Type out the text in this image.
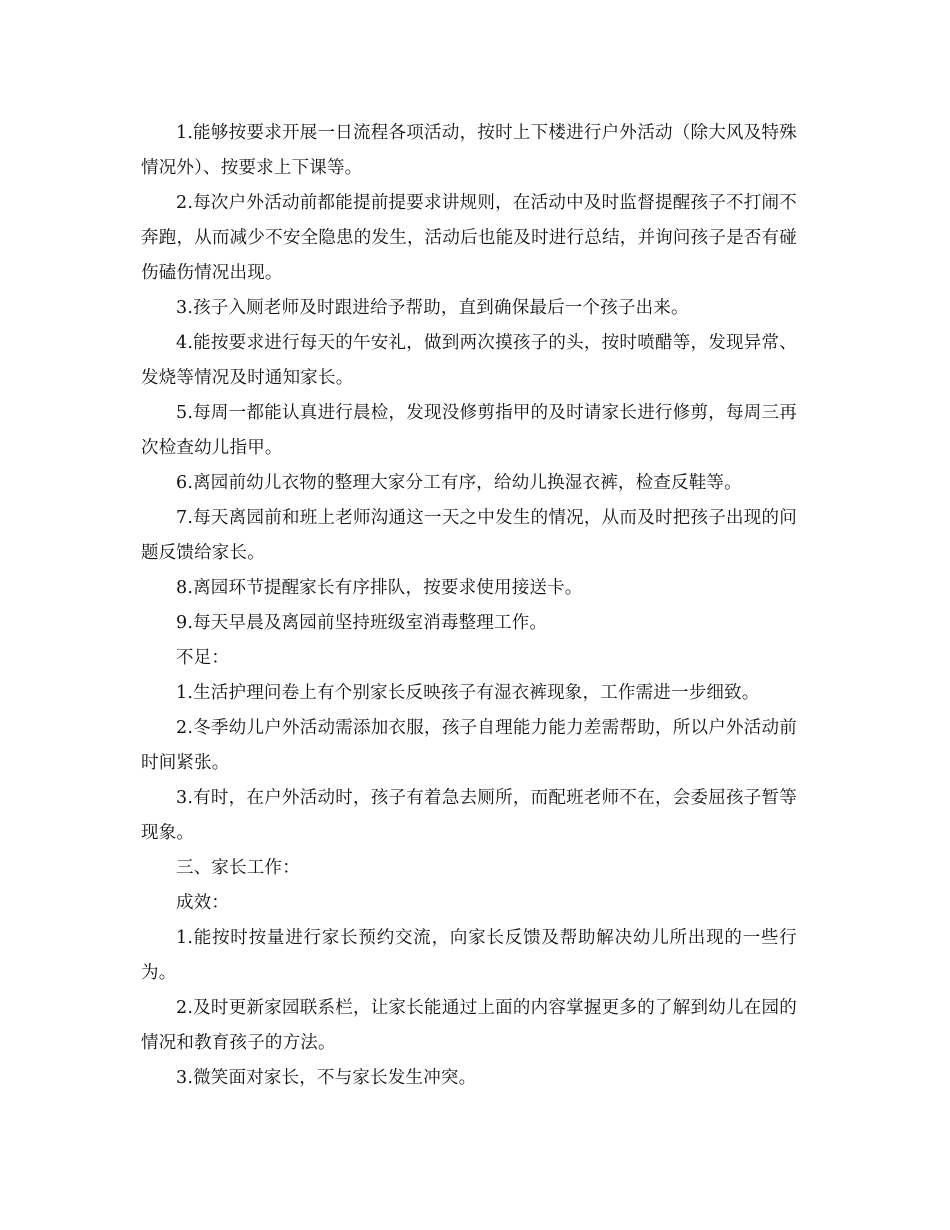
1.能够按要求开展一日流程各项活动，按时上下楼进行户外活动（除大风及特殊情况外）、按要求上下课等。

2.每次户外活动前都能提前提要求讲规则，在活动中及时监督提醒孩子不打闹不奔跑，从而减少不安全隐患的发生，活动后也能及时进行总结，并询问孩子是否有碰伤磕伤情况出现。

3.孩子入厕老师及时跟进给予帮助，直到确保最后一个孩子出来。

4.能按要求进行每天的午安礼，做到两次摸孩子的头，按时喷醋等，发现异常、发烧等情况及时通知家长。

5.每周一都能认真进行晨检，发现没修剪指甲的及时请家长进行修剪，每周三再次检查幼儿指甲。

6.离园前幼儿衣物的整理大家分工有序，给幼儿换湿衣裤，检查反鞋等。

7.每天离园前和班上老师沟通这一天之中发生的情况，从而及时把孩子出现的问题反馈给家长。

8.离园环节提醒家长有序排队，按要求使用接送卡。

9.每天早晨及离园前坚持班级室消毒整理工作。

不足：

1.生活护理问卷上有个别家长反映孩子有湿衣裤现象，工作需进一步细致。

2.冬季幼儿户外活动需添加衣服，孩子自理能力能力差需帮助，所以户外活动前时间紧张。

3.有时，在户外活动时，孩子有着急去厕所，而配班老师不在，会委屈孩子暂等现象。

三、家长工作：

成效：

1.能按时按量进行家长预约交流，向家长反馈及帮助解决幼儿所出现的一些行为。

2.及时更新家园联系栏，让家长能通过上面的内容掌握更多的了解到幼儿在园的情况和教育孩子的方法。

3.微笑面对家长，不与家长发生冲突。
